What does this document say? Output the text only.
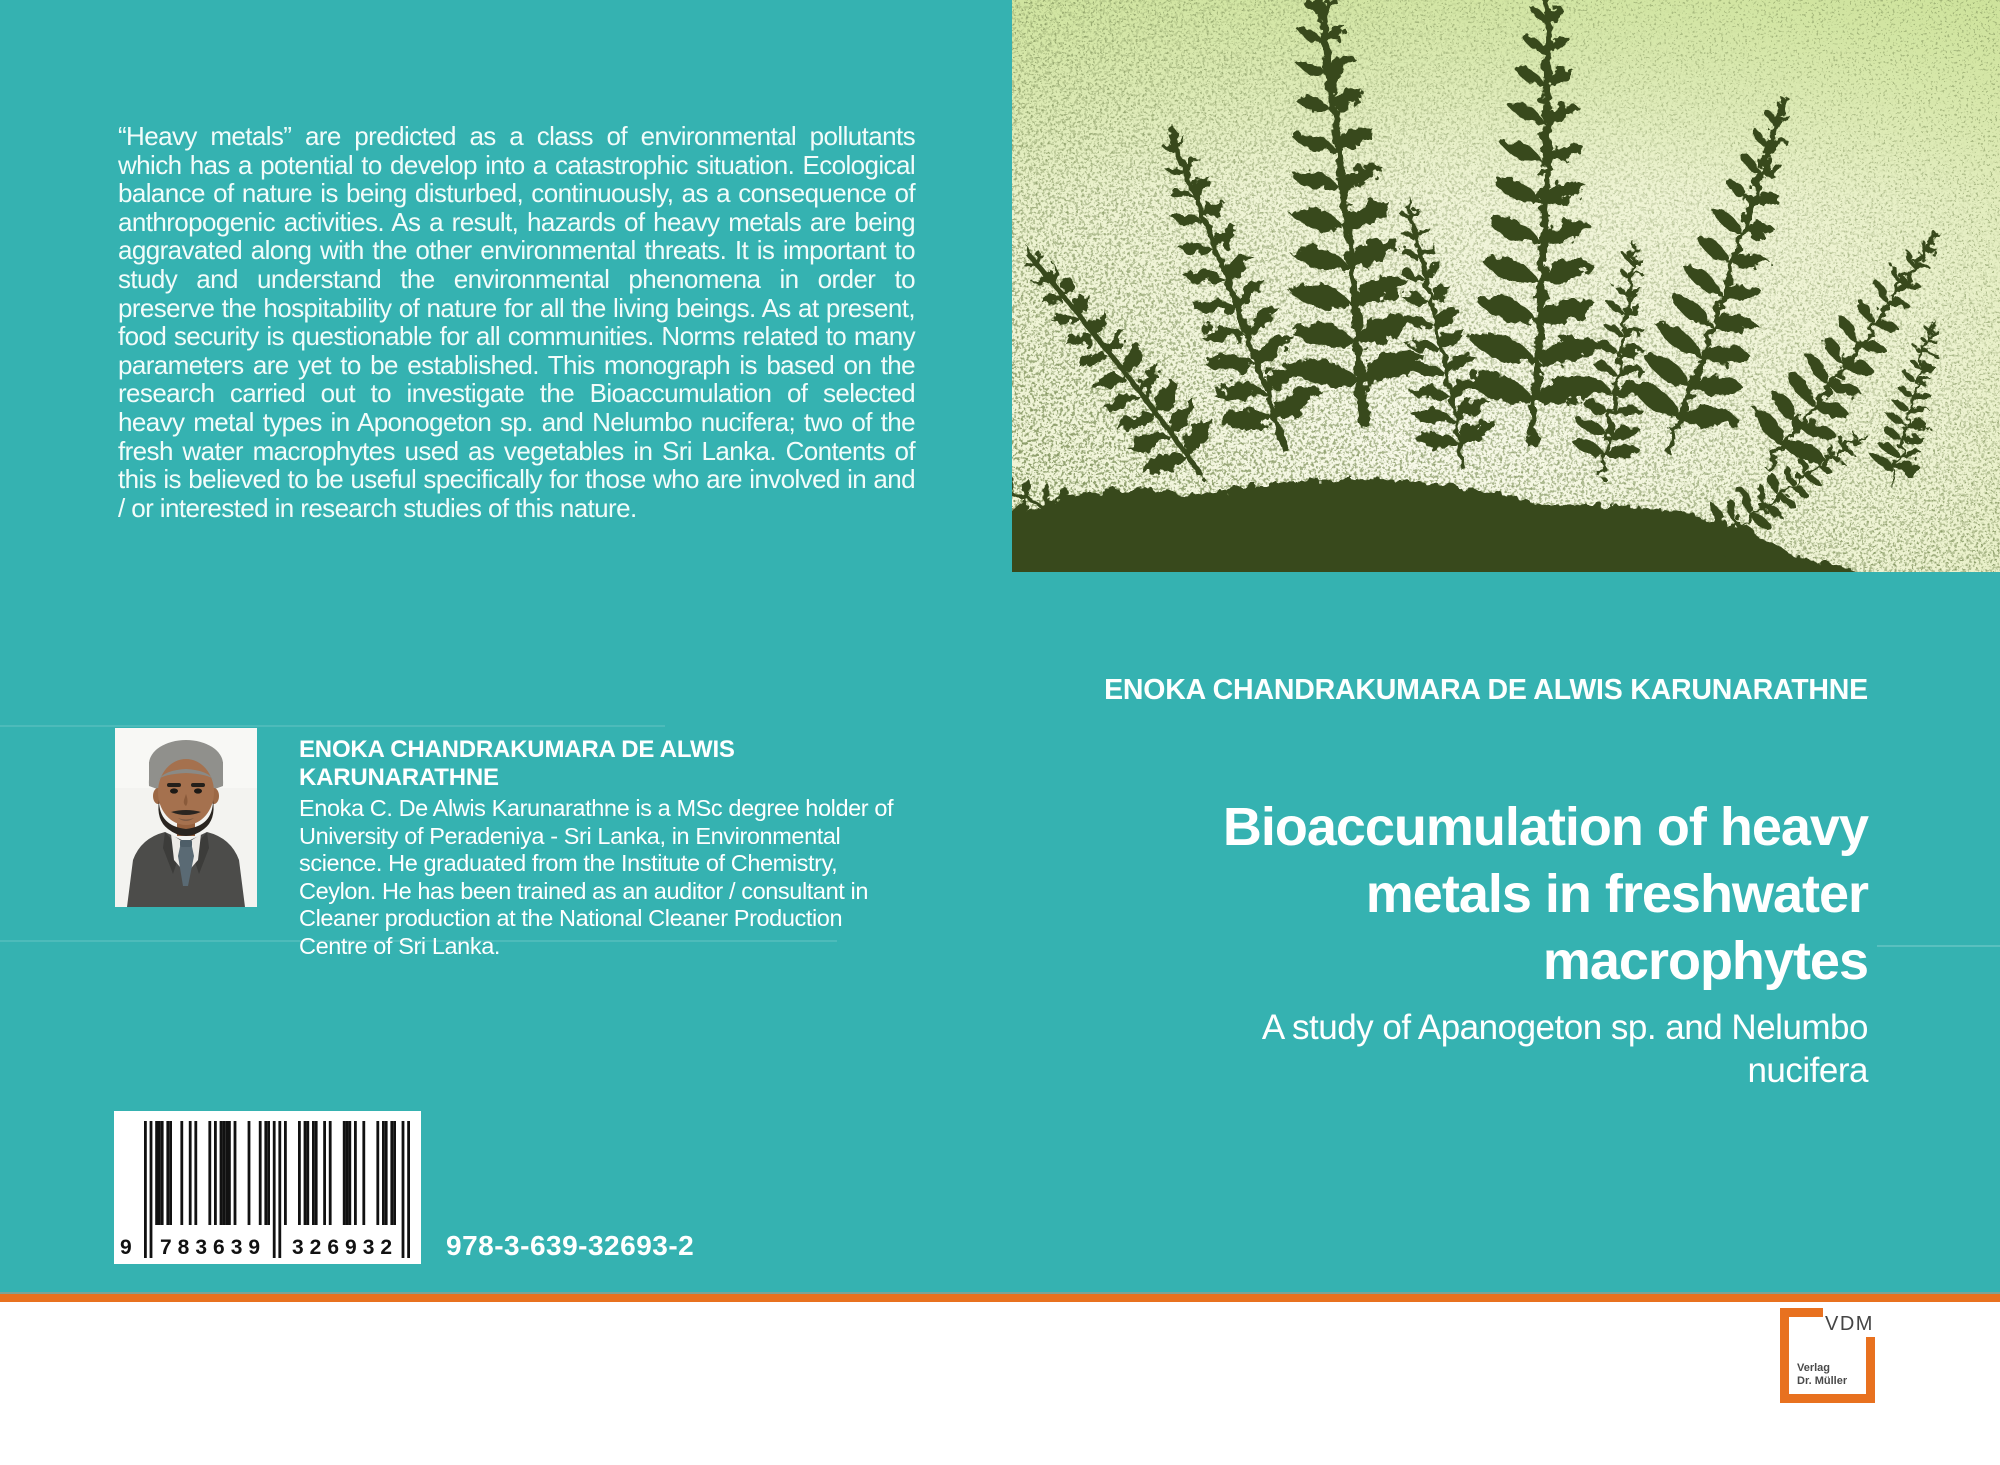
“Heavy metals” are predicted as a class of environmental pollutants which has a potential to develop into a catastrophic situation. Ecological balance of nature is being disturbed, continuously, as a consequence of anthropogenic activities. As a result, hazards of heavy metals are being aggravated along with the other environmental threats. It is important to study and understand the environmental phenomena in order to preserve the hospitability of nature for all the living beings. As at present, food security is questionable for all communities. Norms related to many parameters are yet to be established. This monograph is based on the research carried out to investigate the Bioaccumulation of selected heavy metal types in Aponogeton sp. and Nelumbo nucifera; two of the fresh water macrophytes used as vegetables in Sri Lanka. Contents of this is believed to be useful specifically for those who are involved in and / or interested in research studies of this nature.
ENOKA CHANDRAKUMARA DE ALWIS
KARUNARATHNE
Enoka C. De Alwis Karunarathne is a MSc degree holder of University of Peradeniya - Sri Lanka, in Environmental science. He graduated from the Institute of Chemistry, Ceylon. He has been trained as an auditor / consultant in Cleaner production at the National Cleaner Production Centre of Sri Lanka.
9 783639 326932 978-3-639-32693-2
ENOKA CHANDRAKUMARA DE ALWIS KARUNARATHNE
Bioaccumulation of heavy
metals in freshwater
macrophytes
A study of Apanogeton sp. and Nelumbo
nucifera
VDM
Verlag
Dr. Müller
